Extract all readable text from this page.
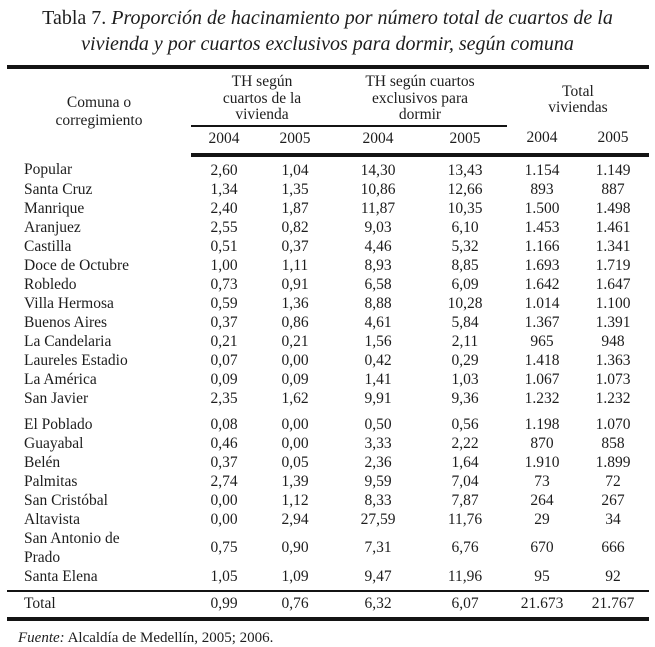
Tabla 7. Proporción de hacinamiento por número total de cuartos de la vivienda y por cuartos exclusivos para dormir, según comuna
Comuna o corregimiento	TH según cuartos de la vivienda		TH según cuartos exclusivos para dormir		Total viviendas	
	2004	2005	2004	2005	2004	2005
Popular	2,60	1,04	14,30	13,43	1.154	1.149
Santa Cruz	1,34	1,35	10,86	12,66	893	887
Manrique	2,40	1,87	11,87	10,35	1.500	1.498
Aranjuez	2,55	0,82	9,03	6,10	1.453	1.461
Castilla	0,51	0,37	4,46	5,32	1.166	1.341
Doce de Octubre	1,00	1,11	8,93	8,85	1.693	1.719
Robledo	0,73	0,91	6,58	6,09	1.642	1.647
Villa Hermosa	0,59	1,36	8,88	10,28	1.014	1.100
Buenos Aires	0,37	0,86	4,61	5,84	1.367	1.391
La Candelaria	0,21	0,21	1,56	2,11	965	948
Laureles Estadio	0,07	0,00	0,42	0,29	1.418	1.363
La América	0,09	0,09	1,41	1,03	1.067	1.073
San Javier	2,35	1,62	9,91	9,36	1.232	1.232
El Poblado	0,08	0,00	0,50	0,56	1.198	1.070
Guayabal	0,46	0,00	3,33	2,22	870	858
Belén	0,37	0,05	2,36	1,64	1.910	1.899
Palmitas	2,74	1,39	9,59	7,04	73	72
San Cristóbal	0,00	1,12	8,33	7,87	264	267
Altavista	0,00	2,94	27,59	11,76	29	34
San Antonio de Prado	0,75	0,90	7,31	6,76	670	666
Santa Elena	1,05	1,09	9,47	11,96	95	92
Total	0,99	0,76	6,32	6,07	21.673	21.767
Fuente: Alcaldía de Medellín, 2005; 2006.
